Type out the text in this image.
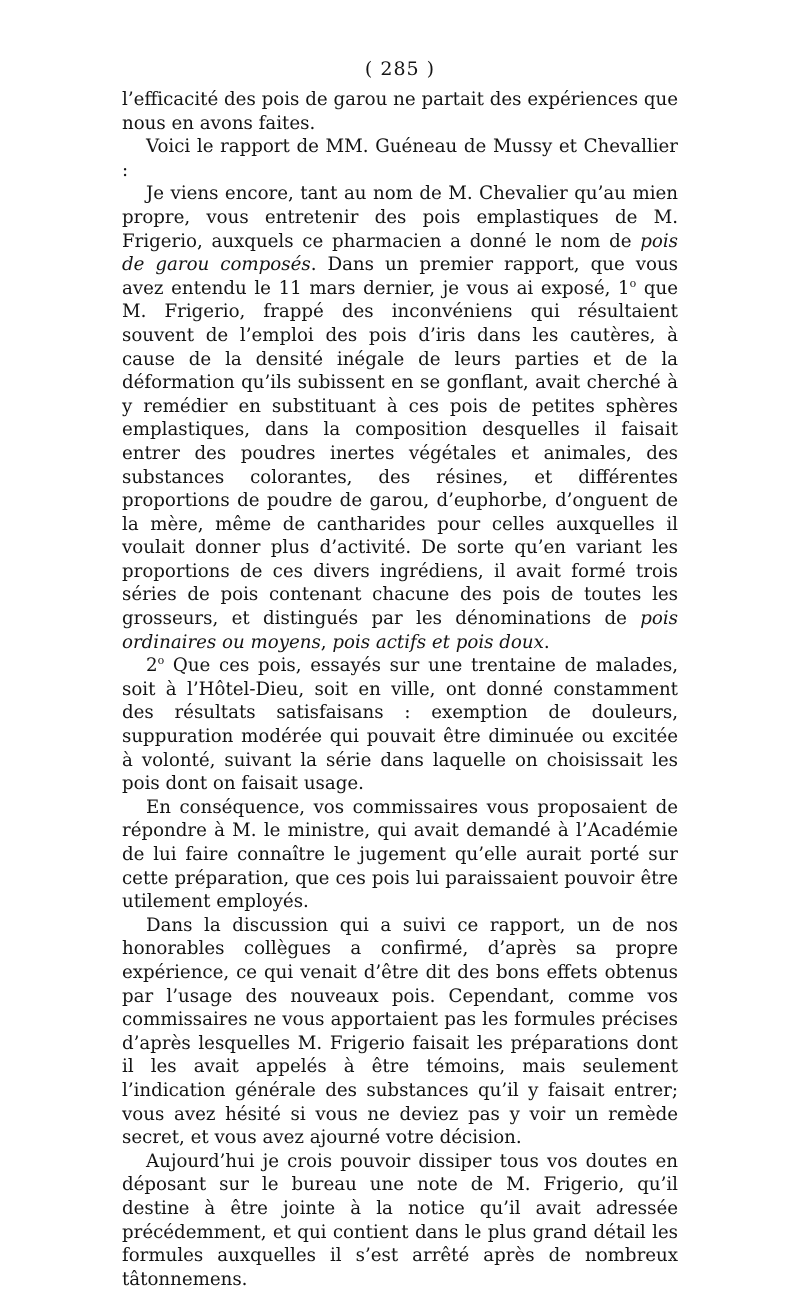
( 285 )

l’efficacité des pois de garou ne partait des expériences que nous en avons faites.

Voici le rapport de MM. Guéneau de Mussy et Chevallier :

Je viens encore, tant au nom de M. Chevalier qu’au mien propre, vous entretenir des pois emplastiques de M. Frigerio, auxquels ce pharmacien a donné le nom de pois de garou composés. Dans un premier rapport, que vous avez entendu le 11 mars dernier, je vous ai exposé, 1$^o$ que M. Frigerio, frappé des inconvéniens qui résultaient souvent de l’emploi des pois d’iris dans les cautères, à cause de la densité inégale de leurs parties et de la déformation qu’ils subissent en se gonflant, avait cherché à y remédier en substituant à ces pois de petites sphères emplastiques, dans la composition desquelles il faisait entrer des poudres inertes végétales et animales, des substances colorantes, des résines, et différentes proportions de poudre de garou, d’euphorbe, d’onguent de la mère, même de cantharides pour celles auxquelles il voulait donner plus d’activité. De sorte qu’en variant les proportions de ces divers ingrédiens, il avait formé trois séries de pois contenant chacune des pois de toutes les grosseurs, et distingués par les dénominations de pois ordinaires ou moyens, pois actifs et pois doux.

2$^o$ Que ces pois, essayés sur une trentaine de malades, soit à l’Hôtel-Dieu, soit en ville, ont donné constamment des résultats satisfaisans : exemption de douleurs, suppuration modérée qui pouvait être diminuée ou excitée à volonté, suivant la série dans laquelle on choisissait les pois dont on faisait usage.

En conséquence, vos commissaires vous proposaient de répondre à M. le ministre, qui avait demandé à l’Académie de lui faire connaître le jugement qu’elle aurait porté sur cette préparation, que ces pois lui paraissaient pouvoir être utilement employés.

Dans la discussion qui a suivi ce rapport, un de nos honorables collègues a confirmé, d’après sa propre expérience, ce qui venait d’être dit des bons effets obtenus par l’usage des nouveaux pois. Cependant, comme vos commissaires ne vous apportaient pas les formules précises d’après lesquelles M. Frigerio faisait les préparations dont il les avait appelés à être témoins, mais seulement l’indication générale des substances qu’il y faisait entrer; vous avez hésité si vous ne deviez pas y voir un remède secret, et vous avez ajourné votre décision.

Aujourd’hui je crois pouvoir dissiper tous vos doutes en déposant sur le bureau une note de M. Frigerio, qu’il destine à être jointe à la notice qu’il avait adressée précédemment, et qui contient dans le plus grand détail les formules auxquelles il s’est arrêté après de nombreux tâtonnemens.
